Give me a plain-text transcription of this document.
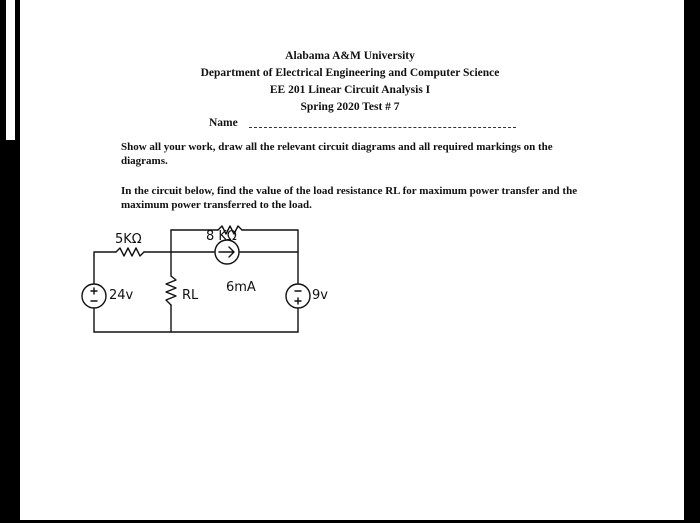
Alabama A&M University
Department of Electrical Engineering and Computer Science
EE 201 Linear Circuit Analysis I
Spring 2020 Test # 7
Name
Show all your work, draw all the relevant circuit diagrams and all required markings on the diagrams.
In the circuit below, find the value of the load resistance RL for maximum power transfer and the maximum power transferred to the load.
5KΩ	8 KΩ
24v	RL
6mA
9v
